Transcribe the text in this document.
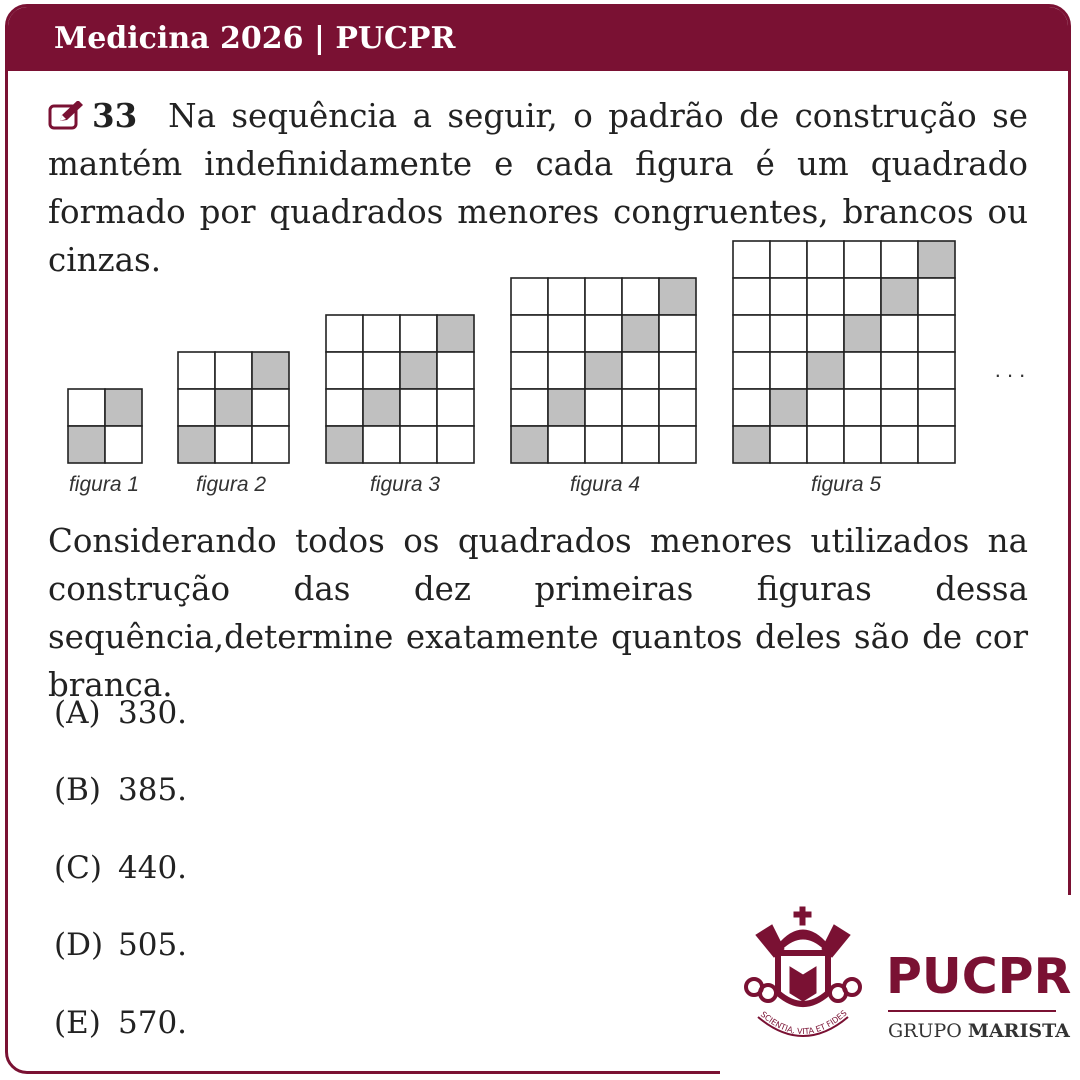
Medicina 2026 | PUCPR
33 Na sequência a seguir, o padrão de construção se mantém indefinidamente e cada figura é um quadrado formado por quadrados menores congruentes, brancos ou cinzas.
figura 1	figura 2	figura 3	figura 4	figura 5
. . .
Considerando todos os quadrados menores utilizados na construção das dez primeiras figuras dessa sequência,determine exatamente quantos deles são de cor branca.
(A) 330.
(B) 385.
(C) 440.
(D) 505.
(E) 570.	SCIENTIA, VITA ET FIDES
PUCPR
GRUPO MARISTA
